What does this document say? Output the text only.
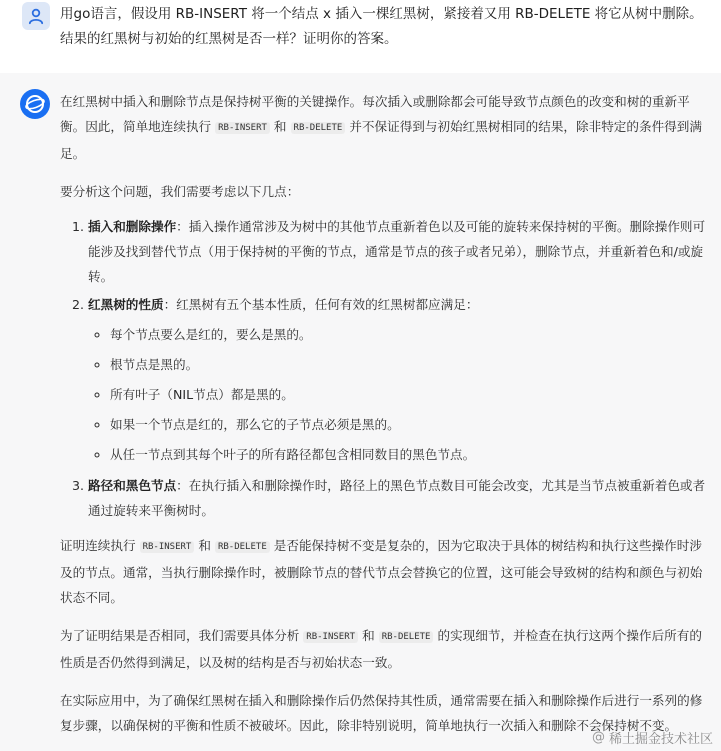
用go语言，假设用 RB-INSERT 将一个结点 x 插入一棵红黑树，紧接着又用 RB-DELETE 将它从树中删除。
结果的红黑树与初始的红黑树是否一样？证明你的答案。

在红黑树中插入和删除节点是保持树平衡的关键操作。每次插入或删除都会可能导致节点颜色的改变和树的重新平衡。因此，简单地连续执行 RB-INSERT 和 RB-DELETE 并不保证得到与初始红黑树相同的结果，除非特定的条件得到满足。

要分析这个问题，我们需要考虑以下几点：

1. 插入和删除操作：插入操作通常涉及为树中的其他节点重新着色以及可能的旋转来保持树的平衡。删除操作则可能涉及找到替代节点（用于保持树的平衡的节点，通常是节点的孩子或者兄弟），删除节点，并重新着色和/或旋转。
2. 红黑树的性质：红黑树有五个基本性质，任何有效的红黑树都应满足：
◦ 每个节点要么是红的，要么是黑的。
◦ 根节点是黑的。
◦ 所有叶子（NIL节点）都是黑的。
◦ 如果一个节点是红的，那么它的子节点必须是黑的。
◦ 从任一节点到其每个叶子的所有路径都包含相同数目的黑色节点。
3. 路径和黑色节点：在执行插入和删除操作时，路径上的黑色节点数目可能会改变，尤其是当节点被重新着色或者通过旋转来平衡树时。

证明连续执行 RB-INSERT 和 RB-DELETE 是否能保持树不变是复杂的，因为它取决于具体的树结构和执行这些操作时涉及的节点。通常，当执行删除操作时，被删除节点的替代节点会替换它的位置，这可能会导致树的结构和颜色与初始状态不同。

为了证明结果是否相同，我们需要具体分析 RB-INSERT 和 RB-DELETE 的实现细节，并检查在执行这两个操作后所有的性质是否仍然得到满足，以及树的结构是否与初始状态一致。

在实际应用中，为了确保红黑树在插入和删除操作后仍然保持其性质，通常需要在插入和删除操作后进行一系列的修复步骤，以确保树的平衡和性质不被破坏。因此，除非特别说明，简单地执行一次插入和删除不会保持树不变。

@ 稀土掘金技术社区
